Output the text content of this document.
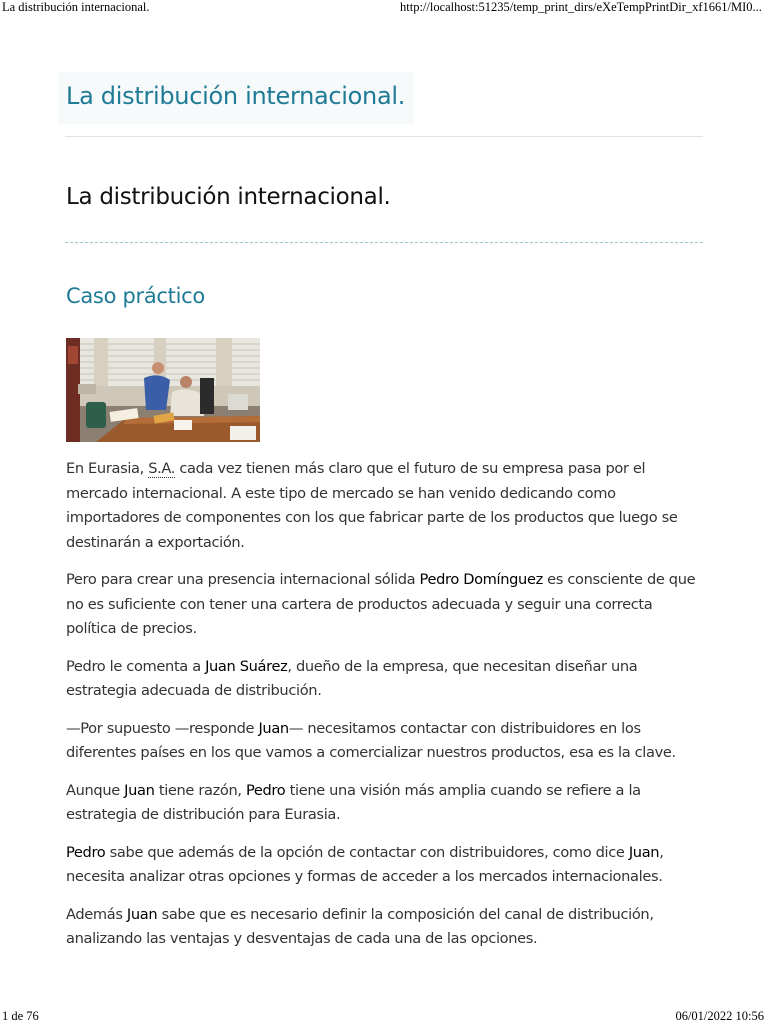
La distribución internacional.	http://localhost:51235/temp_print_dirs/eXeTempPrintDir_xf1661/MI0...
La distribución internacional.
La distribución internacional.
Caso práctico

En Eurasia, S.A. cada vez tienen más claro que el futuro de su empresa pasa por el mercado internacional. A este tipo de mercado se han venido dedicando como importadores de componentes con los que fabricar parte de los productos que luego se destinarán a exportación.

Pero para crear una presencia internacional sólida Pedro Domínguez es consciente de que no es suficiente con tener una cartera de productos adecuada y seguir una correcta política de precios.

Pedro le comenta a Juan Suárez, dueño de la empresa, que necesitan diseñar una estrategia adecuada de distribución.

—Por supuesto —responde Juan— necesitamos contactar con distribuidores en los diferentes países en los que vamos a comercializar nuestros productos, esa es la clave.

Aunque Juan tiene razón, Pedro tiene una visión más amplia cuando se refiere a la estrategia de distribución para Eurasia.

Pedro sabe que además de la opción de contactar con distribuidores, como dice Juan, necesita analizar otras opciones y formas de acceder a los mercados internacionales.

Además Juan sabe que es necesario definir la composición del canal de distribución, analizando las ventajas y desventajas de cada una de las opciones.

1 de 76	06/01/2022 10:56
